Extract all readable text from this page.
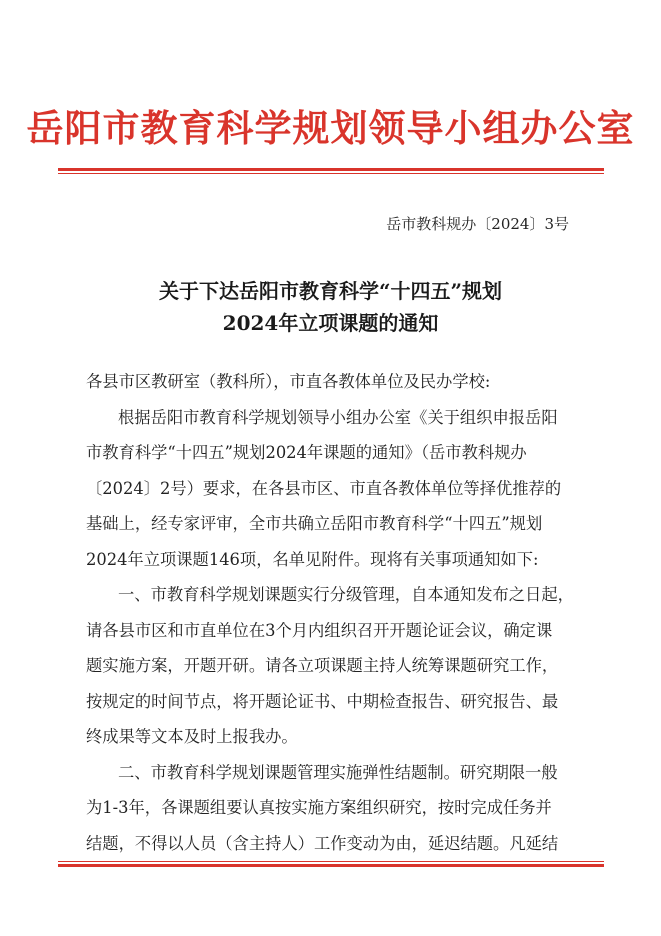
岳阳市教育科学规划领导小组办公室
岳市教科规办〔2024〕3号
关于下达岳阳市教育科学“十四五”规划
2024年立项课题的通知
各县市区教研室（教科所），市直各教体单位及民办学校:
根据岳阳市教育科学规划领导小组办公室《关于组织申报岳阳
市教育科学“十四五”规划2024年课题的通知》（岳市教科规办
〔2024〕2号）要求，在各县市区、市直各教体单位等择优推荐的
基础上，经专家评审，全市共确立岳阳市教育科学“十四五”规划
2024年立项课题146项，名单见附件。现将有关事项通知如下:
一、市教育科学规划课题实行分级管理，自本通知发布之日起，
请各县市区和市直单位在3个月内组织召开开题论证会议，确定课
题实施方案，开题开研。请各立项课题主持人统筹课题研究工作，
按规定的时间节点，将开题论证书、中期检查报告、研究报告、最
终成果等文本及时上报我办。
二、市教育科学规划课题管理实施弹性结题制。研究期限一般
为1-3年，各课题组要认真按实施方案组织研究，按时完成任务并
结题，不得以人员（含主持人）工作变动为由，延迟结题。凡延结
